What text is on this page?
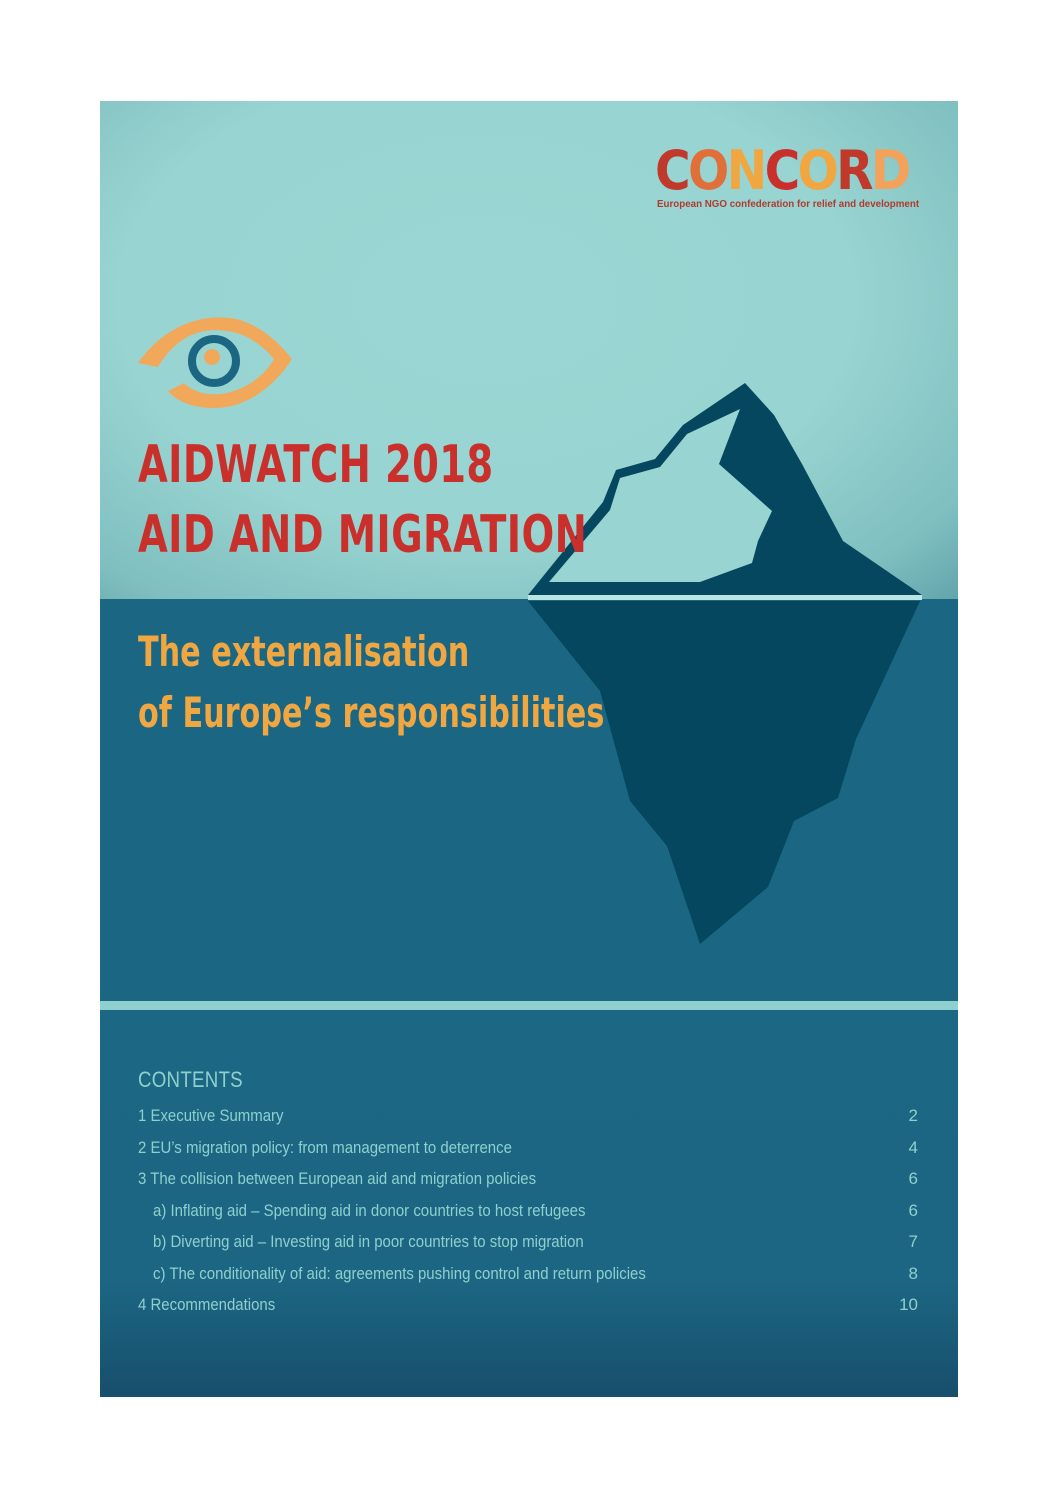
CONCORD
European NGO confederation for relief and development
AIDWATCH 2018
AID AND MIGRATION
The externalisation
of Europe’s responsibilities
CONTENTS
1 Executive Summary	2
2 EU’s migration policy: from management to deterrence	4
3 The collision between European aid and migration policies	6
a) Inflating aid – Spending aid in donor countries to host refugees	6
b) Diverting aid – Investing aid in poor countries to stop migration	7
c) The conditionality of aid: agreements pushing control and return policies	8
4 Recommendations	10
